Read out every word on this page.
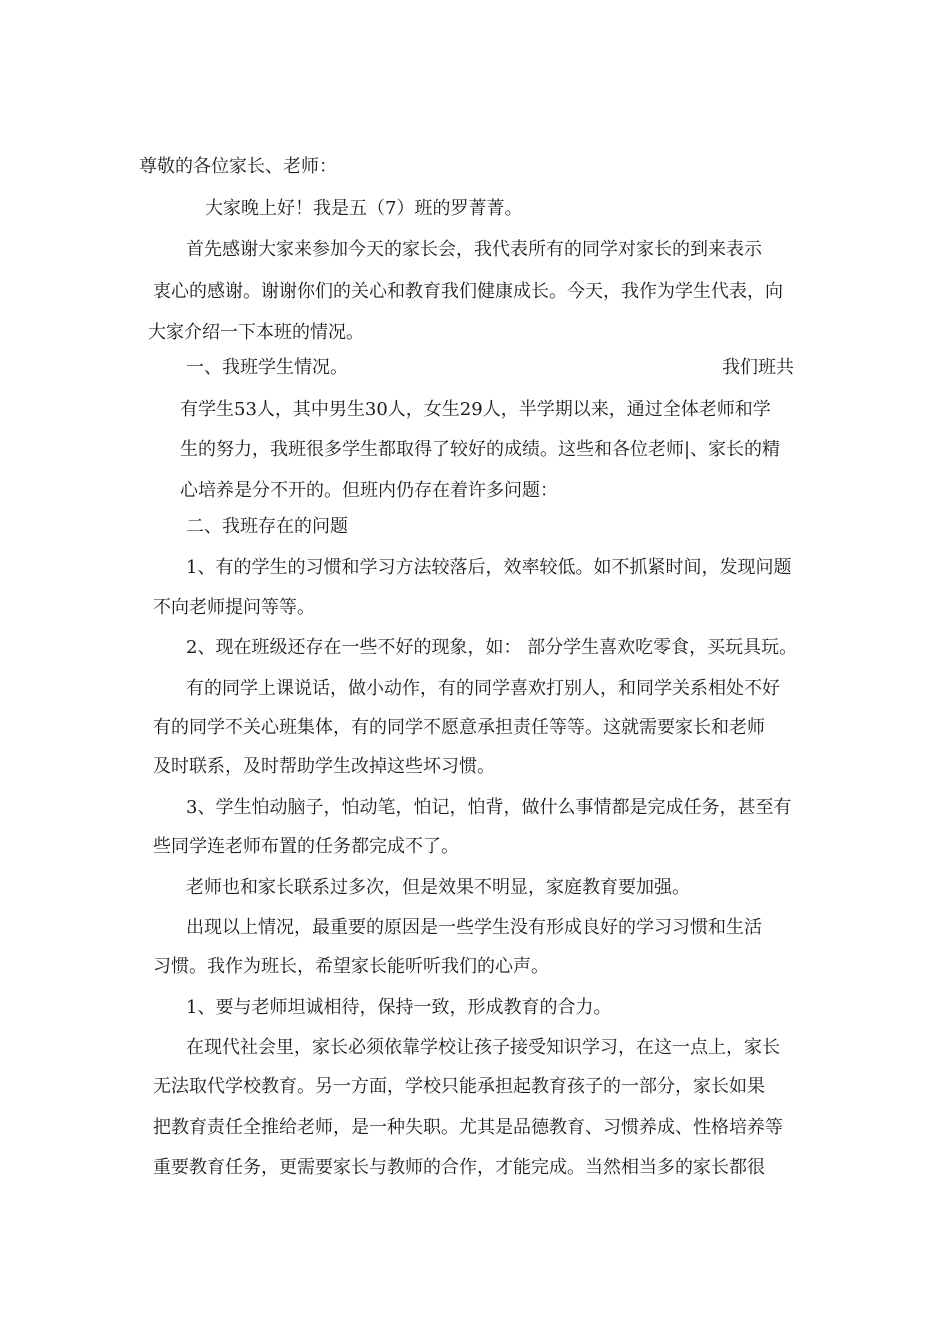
尊敬的各位家长、老师：
大家晚上好！我是五（7）班的罗菁菁。
首先感谢大家来参加今天的家长会，我代表所有的同学对家长的到来表示
衷心的感谢。谢谢你们的关心和教育我们健康成长。今天，我作为学生代表，向
大家介绍一下本班的情况。
一、我班学生情况。	我们班共
有学生53人，其中男生30人，女生29人，半学期以来，通过全体老师和学
生的努力，我班很多学生都取得了较好的成绩。这些和各位老师|、家长的精
心培养是分不开的。但班内仍存在着许多问题：
二、我班存在的问题
1、有的学生的习惯和学习方法较落后，效率较低。如不抓紧时间，发现问题
不向老师提问等等。
2、现在班级还存在一些不好的现象，如： 部分学生喜欢吃零食，买玩具玩。
有的同学上课说话，做小动作，有的同学喜欢打别人，和同学关系相处不好
有的同学不关心班集体，有的同学不愿意承担责任等等。这就需要家长和老师
及时联系，及时帮助学生改掉这些坏习惯。
3、学生怕动脑子，怕动笔，怕记，怕背，做什么事情都是完成任务，甚至有
些同学连老师布置的任务都完成不了。
老师也和家长联系过多次，但是效果不明显，家庭教育要加强。
出现以上情况，最重要的原因是一些学生没有形成良好的学习习惯和生活
习惯。我作为班长，希望家长能听听我们的心声。
1、要与老师坦诚相待，保持一致，形成教育的合力。
在现代社会里，家长必须依靠学校让孩子接受知识学习，在这一点上，家长
无法取代学校教育。另一方面，学校只能承担起教育孩子的一部分，家长如果
把教育责任全推给老师，是一种失职。尤其是品德教育、习惯养成、性格培养等
重要教育任务，更需要家长与教师的合作，才能完成。当然相当多的家长都很
